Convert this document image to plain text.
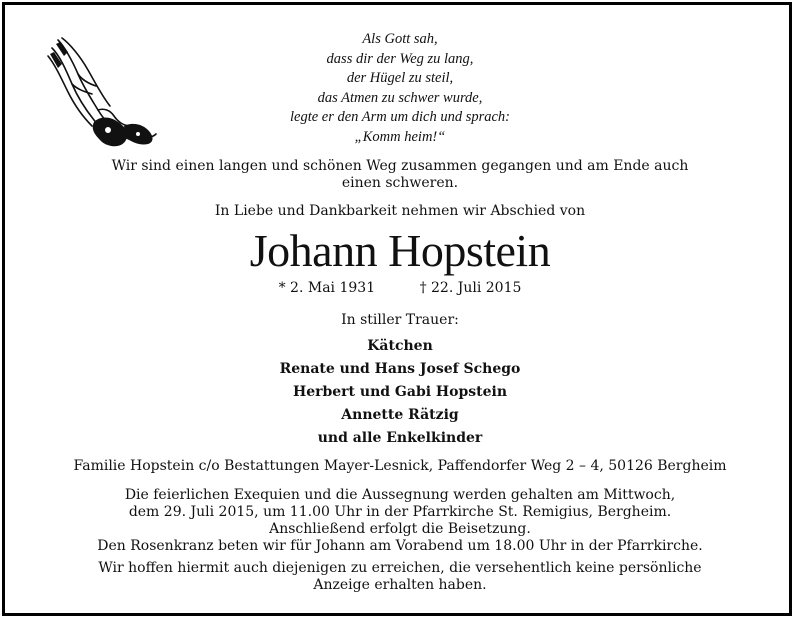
Als Gott sah,
dass dir der Weg zu lang,
der Hügel zu steil,
das Atmen zu schwer wurde,
legte er den Arm um dich und sprach:
„Komm heim!“
Wir sind einen langen und schönen Weg zusammen gegangen und am Ende auch
einen schweren.
In Liebe und Dankbarkeit nehmen wir Abschied von
Johann Hopstein
* 2. Mai 1931	† 22. Juli 2015
In stiller Trauer:
Kätchen
Renate und Hans Josef Schego
Herbert und Gabi Hopstein
Annette Rätzig
und alle Enkelkinder
Familie Hopstein c/o Bestattungen Mayer-Lesnick, Paffendorfer Weg 2 – 4, 50126 Bergheim
Die feierlichen Exequien und die Aussegnung werden gehalten am Mittwoch,
dem 29. Juli 2015, um 11.00 Uhr in der Pfarrkirche St. Remigius, Bergheim.
Anschließend erfolgt die Beisetzung.
Den Rosenkranz beten wir für Johann am Vorabend um 18.00 Uhr in der Pfarrkirche.
Wir hoffen hiermit auch diejenigen zu erreichen, die versehentlich keine persönliche
Anzeige erhalten haben.
